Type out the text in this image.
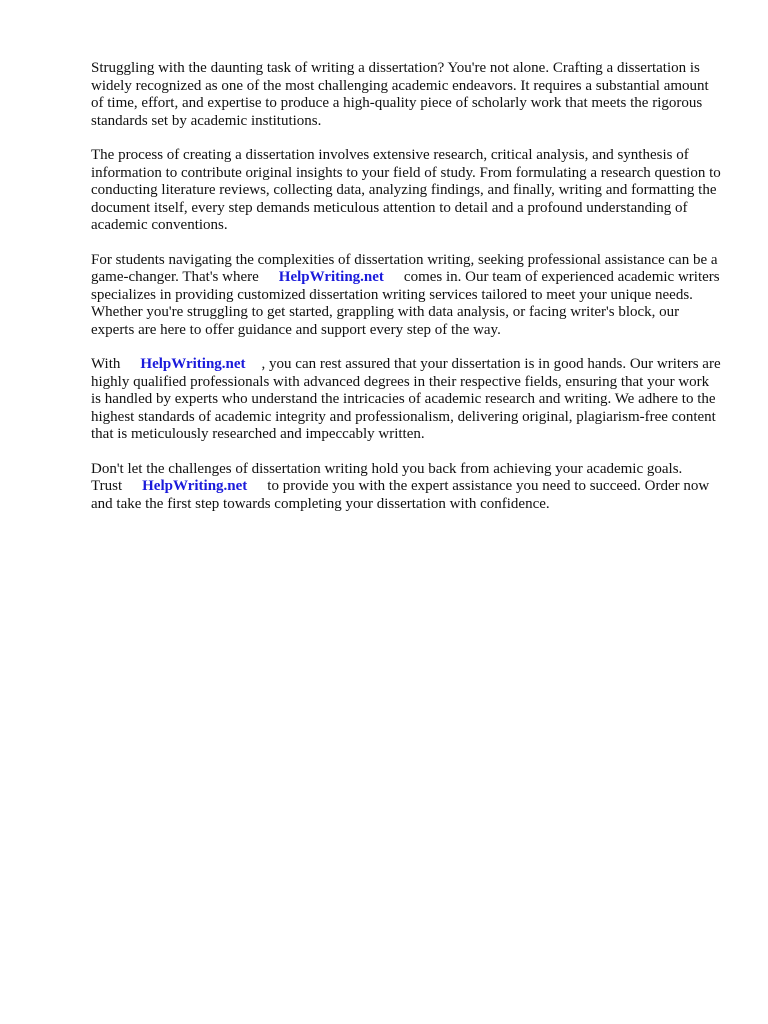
Struggling with the daunting task of writing a dissertation? You're not alone. Crafting a dissertation is widely recognized as one of the most challenging academic endeavors. It requires a substantial amount of time, effort, and expertise to produce a high-quality piece of scholarly work that meets the rigorous standards set by academic institutions.

The process of creating a dissertation involves extensive research, critical analysis, and synthesis of information to contribute original insights to your field of study. From formulating a research question to conducting literature reviews, collecting data, analyzing findings, and finally, writing and formatting the document itself, every step demands meticulous attention to detail and a profound understanding of academic conventions.

For students navigating the complexities of dissertation writing, seeking professional assistance can be a game-changer. That's where HelpWriting.net comes in. Our team of experienced academic writers specializes in providing customized dissertation writing services tailored to meet your unique needs. Whether you're struggling to get started, grappling with data analysis, or facing writer's block, our experts are here to offer guidance and support every step of the way.

With HelpWriting.net , you can rest assured that your dissertation is in good hands. Our writers are highly qualified professionals with advanced degrees in their respective fields, ensuring that your work is handled by experts who understand the intricacies of academic research and writing. We adhere to the highest standards of academic integrity and professionalism, delivering original, plagiarism-free content that is meticulously researched and impeccably written.

Don't let the challenges of dissertation writing hold you back from achieving your academic goals. Trust HelpWriting.net to provide you with the expert assistance you need to succeed. Order now and take the first step towards completing your dissertation with confidence.
